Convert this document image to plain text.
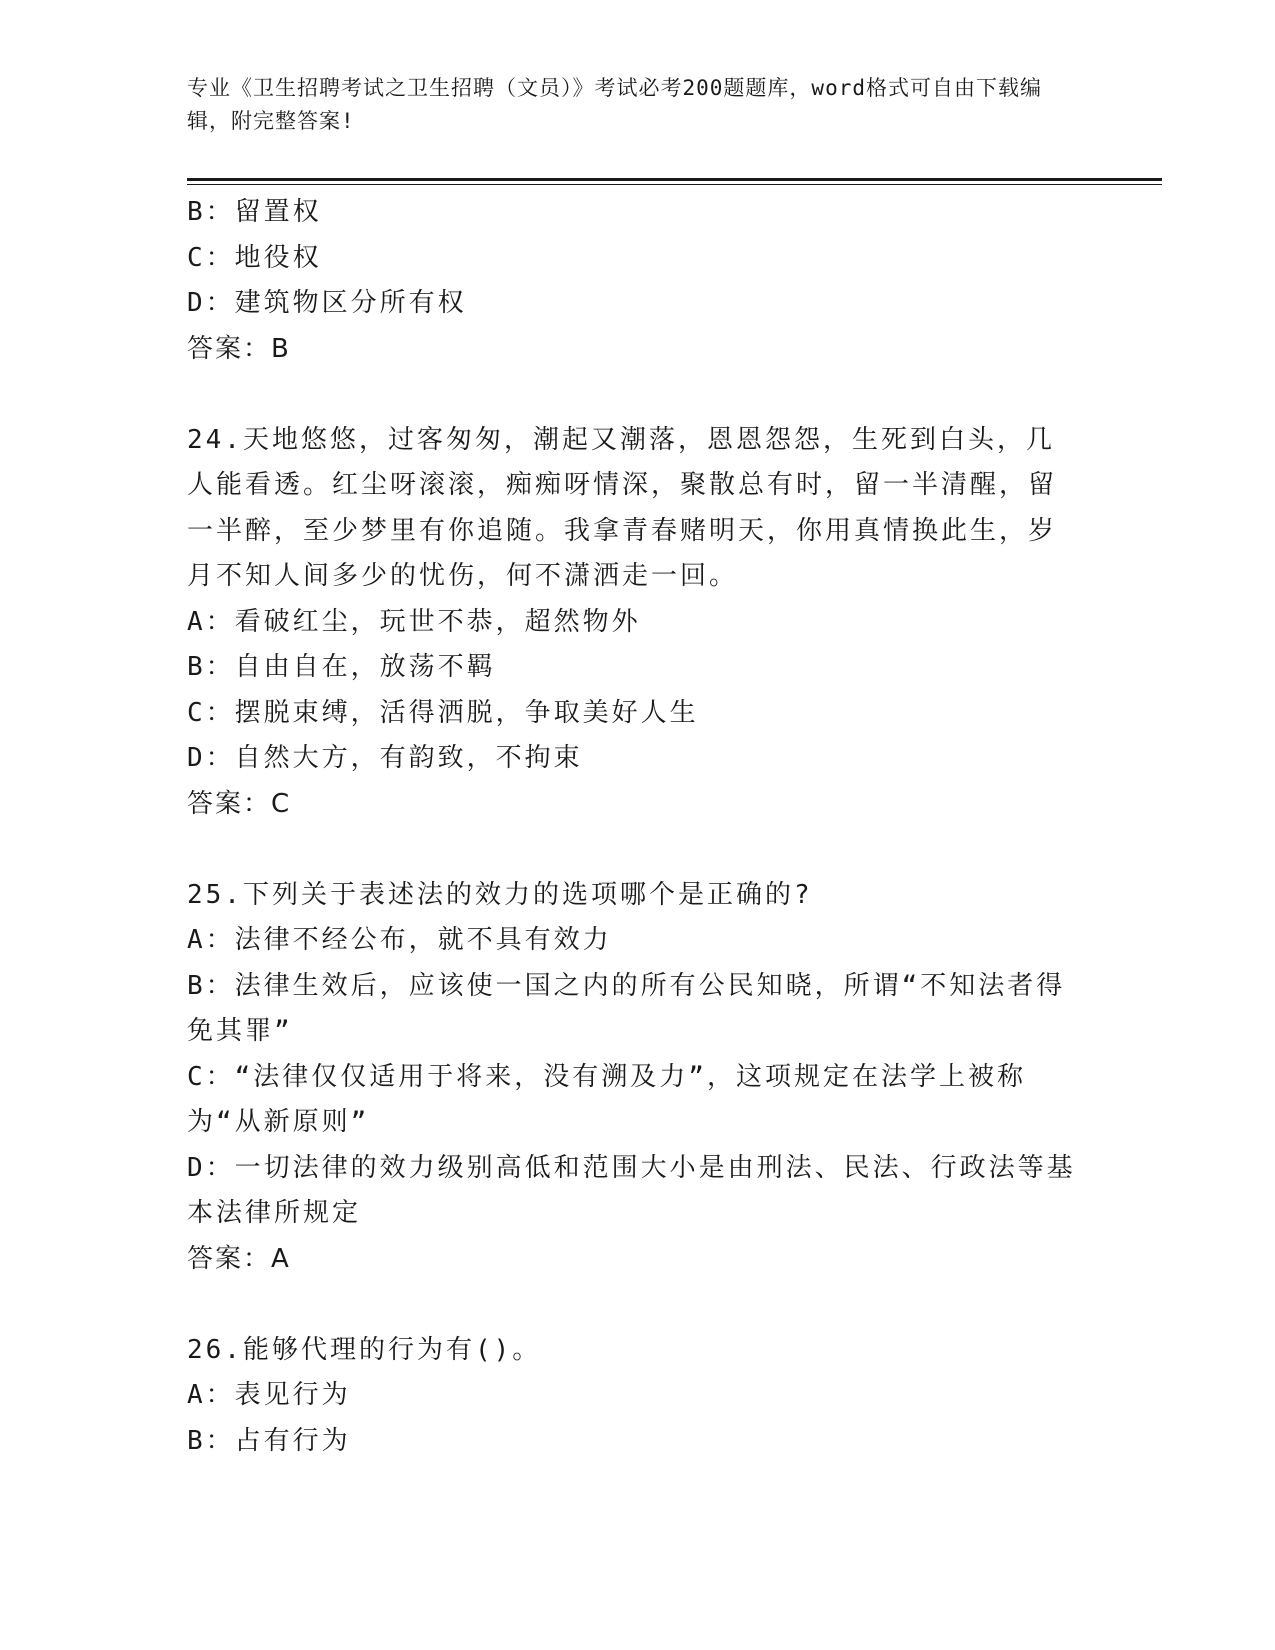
专业《卫生招聘考试之卫生招聘（文员）》考试必考200题题库，word格式可自由下载编辑，附完整答案!

B：留置权

C：地役权

D：建筑物区分所有权

答案：B

24.天地悠悠，过客匆匆，潮起又潮落，恩恩怨怨，生死到白头，几人能看透。红尘呀滚滚，痴痴呀情深，聚散总有时，留一半清醒，留一半醉，至少梦里有你追随。我拿青春赌明天，你用真情换此生，岁月不知人间多少的忧伤，何不潇洒走一回。

A：看破红尘，玩世不恭，超然物外

B：自由自在，放荡不羁

C：摆脱束缚，活得洒脱，争取美好人生

D：自然大方，有韵致，不拘束

答案：C

25.下列关于表述法的效力的选项哪个是正确的?

A：法律不经公布，就不具有效力

B：法律生效后，应该使一国之内的所有公民知晓，所谓“不知法者得免其罪”

C：“法律仅仅适用于将来，没有溯及力”，这项规定在法学上被称为“从新原则”

D：一切法律的效力级别高低和范围大小是由刑法、民法、行政法等基本法律所规定

答案：A

26.能够代理的行为有()。

A：表见行为

B：占有行为
